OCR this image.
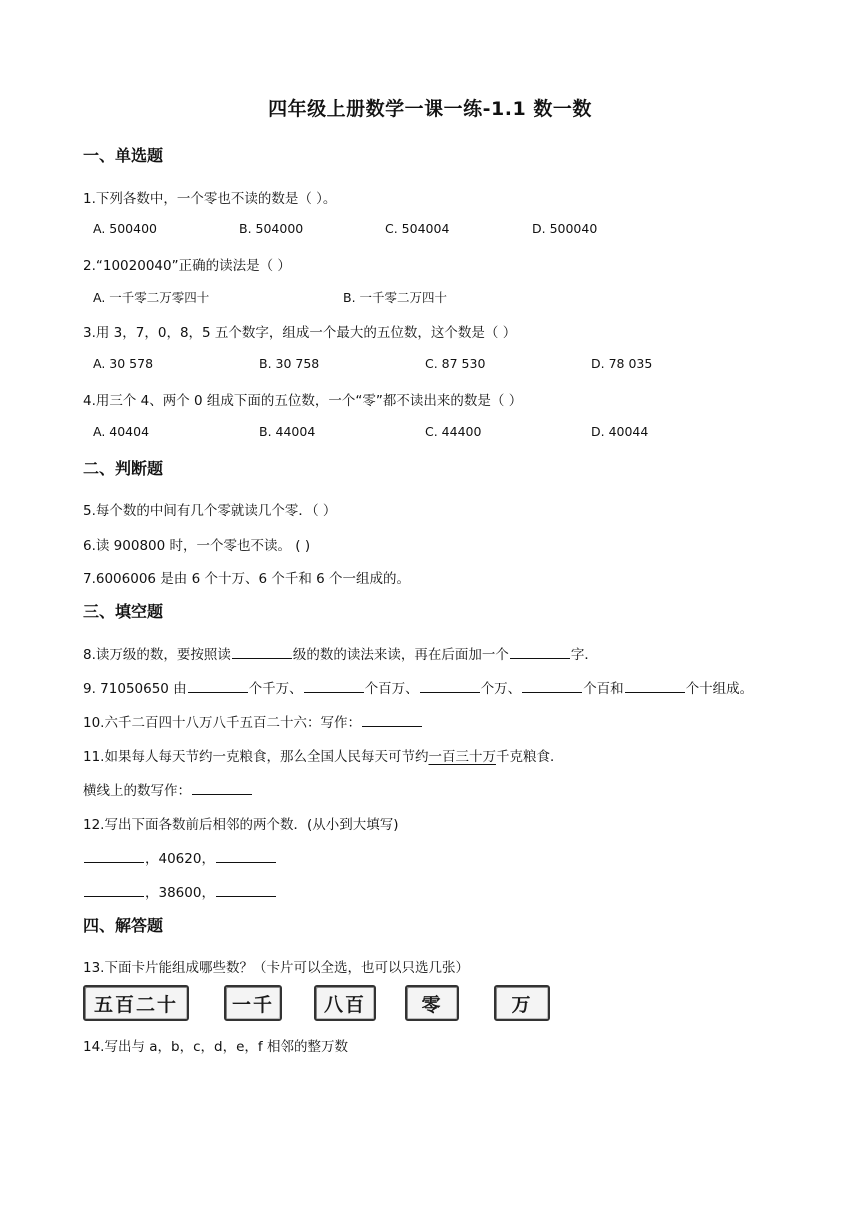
四年级上册数学一课一练-1.1 数一数
一、单选题
1.下列各数中，一个零也不读的数是（ ）。
A. 500400	B. 504000	C. 504004	D. 500040
2.“10020040”正确的读法是（ ）
A. 一千零二万零四十	B. 一千零二万四十
3.用 3，7，0，8，5 五个数字，组成一个最大的五位数，这个数是（ ）
A. 30 578	B. 30 758	C. 87 530	D. 78 035
4.用三个 4、两个 0 组成下面的五位数，一个“零”都不读出来的数是（ ）
A. 40404	B. 44004	C. 44400	D. 40044
二、判断题
5.每个数的中间有几个零就读几个零．（ ）
6.读 900800 时，一个零也不读。 ( )
7.6006006 是由 6 个十万、6 个千和 6 个一组成的。
三、填空题
8.读万级的数，要按照读	级的数的读法来读，再在后面加一个	字．
9. 71050650 由	个千万、	个百万、	个万、	个百和	个十组成。
10.六千二百四十八万八千五百二十六：写作：
11.如果每人每天节约一克粮食，那么全国人民每天可节约一百三十万千克粮食．
横线上的数写作：
12.写出下面各数前后相邻的两个数．(从小到大填写)
，40620，
，38600，
四、解答题
13.下面卡片能组成哪些数？（卡片可以全选，也可以只选几张）
五百二十	一千	八百	零	万
14.写出与 a，b，c，d，e，f 相邻的整万数
